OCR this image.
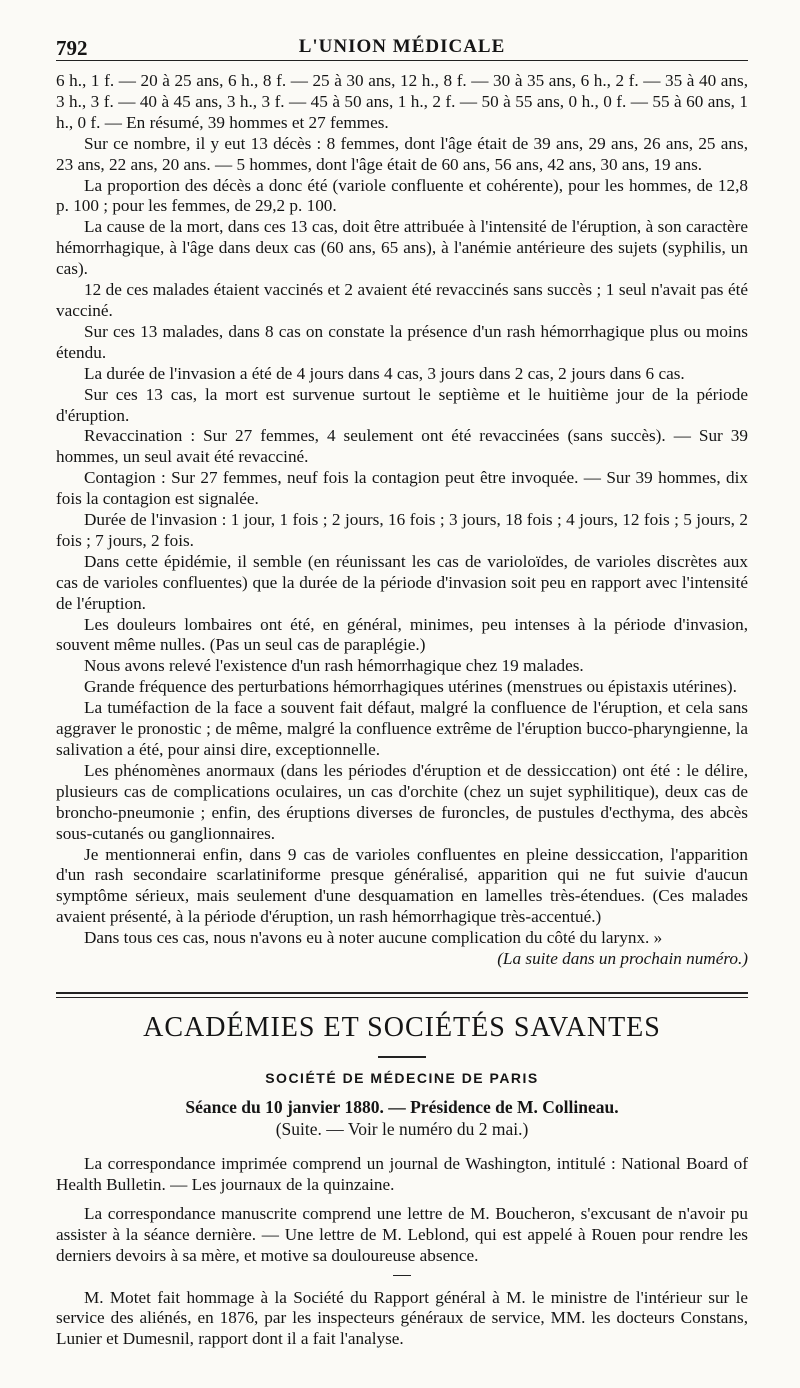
792	L'UNION MÉDICALE

6 h., 1 f. — 20 à 25 ans, 6 h., 8 f. — 25 à 30 ans, 12 h., 8 f. — 30 à 35 ans, 6 h., 2 f. — 35 à 40 ans, 3 h., 3 f. — 40 à 45 ans, 3 h., 3 f. — 45 à 50 ans, 1 h., 2 f. — 50 à 55 ans, 0 h., 0 f. — 55 à 60 ans, 1 h., 0 f. — En résumé, 39 hommes et 27 femmes.

Sur ce nombre, il y eut 13 décès : 8 femmes, dont l'âge était de 39 ans, 29 ans, 26 ans, 25 ans, 23 ans, 22 ans, 20 ans. — 5 hommes, dont l'âge était de 60 ans, 56 ans, 42 ans, 30 ans, 19 ans.

La proportion des décès a donc été (variole confluente et cohérente), pour les hommes, de 12,8 p. 100 ; pour les femmes, de 29,2 p. 100.

La cause de la mort, dans ces 13 cas, doit être attribuée à l'intensité de l'éruption, à son caractère hémorrhagique, à l'âge dans deux cas (60 ans, 65 ans), à l'anémie antérieure des sujets (syphilis, un cas).

12 de ces malades étaient vaccinés et 2 avaient été revaccinés sans succès ; 1 seul n'avait pas été vacciné.

Sur ces 13 malades, dans 8 cas on constate la présence d'un rash hémorrhagique plus ou moins étendu.

La durée de l'invasion a été de 4 jours dans 4 cas, 3 jours dans 2 cas, 2 jours dans 6 cas.

Sur ces 13 cas, la mort est survenue surtout le septième et le huitième jour de la période d'éruption.

Revaccination : Sur 27 femmes, 4 seulement ont été revaccinées (sans succès). — Sur 39 hommes, un seul avait été revacciné.

Contagion : Sur 27 femmes, neuf fois la contagion peut être invoquée. — Sur 39 hommes, dix fois la contagion est signalée.

Durée de l'invasion : 1 jour, 1 fois ; 2 jours, 16 fois ; 3 jours, 18 fois ; 4 jours, 12 fois ; 5 jours, 2 fois ; 7 jours, 2 fois.

Dans cette épidémie, il semble (en réunissant les cas de varioloïdes, de varioles discrètes aux cas de varioles confluentes) que la durée de la période d'invasion soit peu en rapport avec l'intensité de l'éruption.

Les douleurs lombaires ont été, en général, minimes, peu intenses à la période d'invasion, souvent même nulles. (Pas un seul cas de paraplégie.)

Nous avons relevé l'existence d'un rash hémorrhagique chez 19 malades.

Grande fréquence des perturbations hémorrhagiques utérines (menstrues ou épistaxis utérines).

La tuméfaction de la face a souvent fait défaut, malgré la confluence de l'éruption, et cela sans aggraver le pronostic ; de même, malgré la confluence extrême de l'éruption bucco-pharyngienne, la salivation a été, pour ainsi dire, exceptionnelle.

Les phénomènes anormaux (dans les périodes d'éruption et de dessiccation) ont été : le délire, plusieurs cas de complications oculaires, un cas d'orchite (chez un sujet syphilitique), deux cas de broncho-pneumonie ; enfin, des éruptions diverses de furoncles, de pustules d'ecthyma, des abcès sous-cutanés ou ganglionnaires.

Je mentionnerai enfin, dans 9 cas de varioles confluentes en pleine dessiccation, l'apparition d'un rash secondaire scarlatiniforme presque généralisé, apparition qui ne fut suivie d'aucun symptôme sérieux, mais seulement d'une desquamation en lamelles très-étendues. (Ces malades avaient présenté, à la période d'éruption, un rash hémorrhagique très-accentué.)

Dans tous ces cas, nous n'avons eu à noter aucune complication du côté du larynx. »

(La suite dans un prochain numéro.)

ACADÉMIES ET SOCIÉTÉS SAVANTES
SOCIÉTÉ DE MÉDECINE DE PARIS
Séance du 10 janvier 1880. — Présidence de M. Collineau.
(Suite. — Voir le numéro du 2 mai.)

La correspondance imprimée comprend un journal de Washington, intitulé : National Board of Health Bulletin. — Les journaux de la quinzaine.

La correspondance manuscrite comprend une lettre de M. Boucheron, s'excusant de n'avoir pu assister à la séance dernière. — Une lettre de M. Leblond, qui est appelé à Rouen pour rendre les derniers devoirs à sa mère, et motive sa douloureuse absence.

M. Motet fait hommage à la Société du Rapport général à M. le ministre de l'intérieur sur le service des aliénés, en 1876, par les inspecteurs généraux de service, MM. les docteurs Constans, Lunier et Dumesnil, rapport dont il a fait l'analyse.
